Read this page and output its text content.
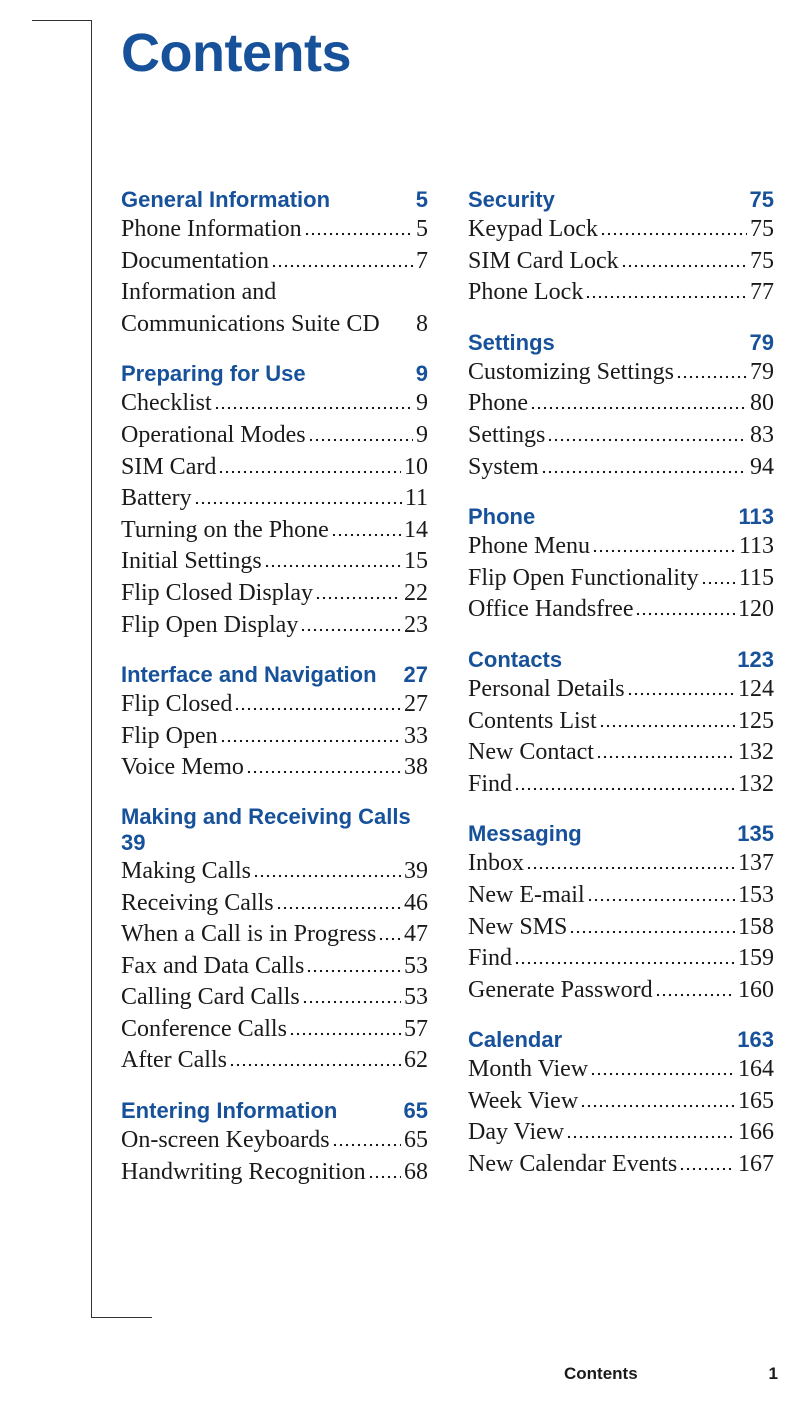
Contents
General Information	5
Phone Information	5
Documentation	7
Information and
Communications Suite CD 8
Preparing for Use	9
Checklist	9
Operational Modes	9
SIM Card	10
Battery	11
Turning on the Phone	14
Initial Settings	15
Flip Closed Display	22
Flip Open Display	23
Interface and Navigation 27
Flip Closed	27
Flip Open	33
Voice Memo	38
Making and Receiving Calls
39
Making Calls	39
Receiving Calls	46
When a Call is in Progress 47
Fax and Data Calls	53
Calling Card Calls	53
Conference Calls	57
After Calls	62
Entering Information	65
On-screen Keyboards	65
Handwriting Recognition 68
Security	75
Keypad Lock	75
SIM Card Lock	75
Phone Lock	77
Settings	79
Customizing Settings	79
Phone	80
Settings	83
System	94
Phone	113
Phone Menu	113
Flip Open Functionality 115
Office Handsfree	120
Contacts	123
Personal Details	124
Contents List	125
New Contact	132
Find	132
Messaging	135
Inbox	137
New E-mail	153
New SMS	158
Find	159
Generate Password	160
Calendar	163
Month View	164
Week View	165
Day View	166
New Calendar Events	167
Contents	1
